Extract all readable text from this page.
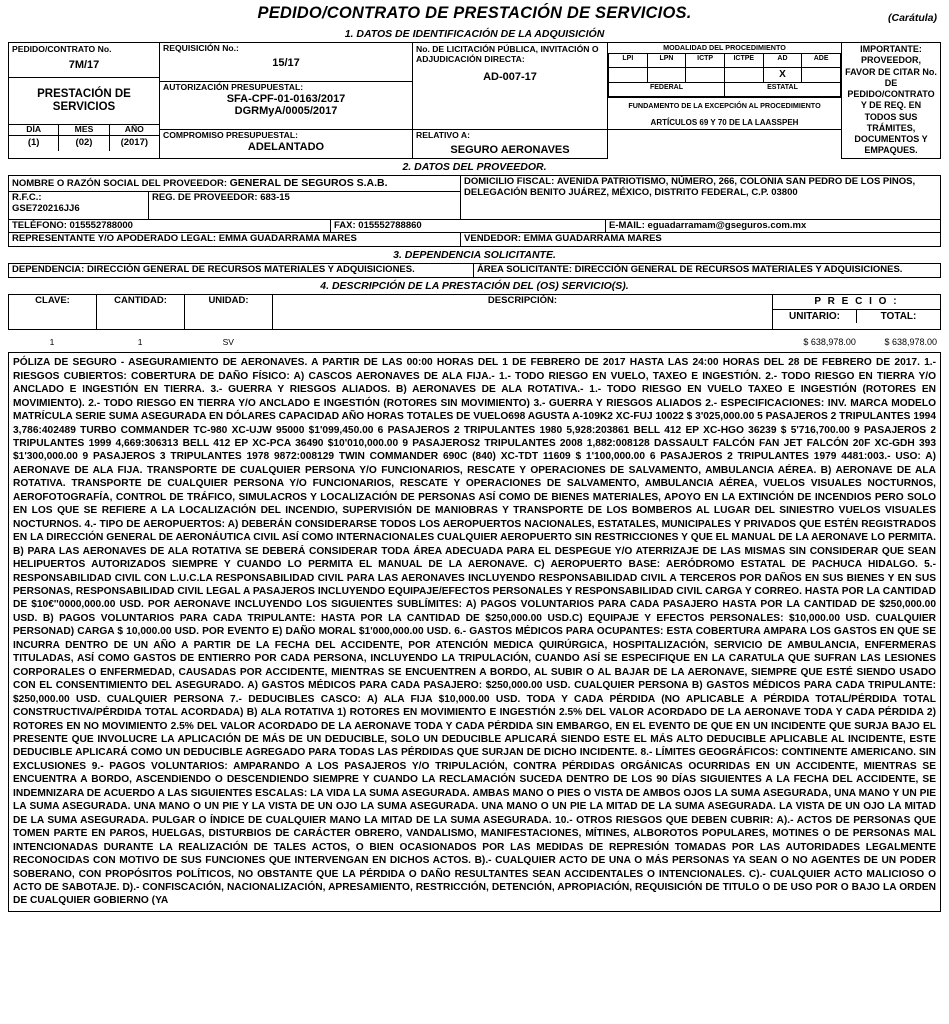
PEDIDO/CONTRATO DE PRESTACIÓN DE SERVICIOS.	(Carátula)
1. DATOS DE IDENTIFICACIÓN DE LA ADQUISICIÓN
PEDIDO/CONTRATO No.
7M/17
PRESTACIÓN DE SERVICIOS
DÍA	MES	AÑO
(1)	(02)	(2017)

REQUISICIÓN No.:
15/17

No. DE LICITACIÓN PÚBLICA, INVITACIÓN O ADJUDICACIÓN DIRECTA:
AD-007-17

MODALIDAD DEL PROCEDIMIENTO
LPI	LPN	ICTP	ICTPE	AD	ADE
				X	
FEDERAL	ESTATAL
FUNDAMENTO DE LA EXCEPCIÓN AL PROCEDIMIENTO
ARTÍCULOS 69 Y 70 DE LA LAASSPEH

IMPORTANTE: PROVEEDOR, FAVOR DE CITAR No. DE PEDIDO/CONTRATO Y DE REQ. EN TODOS SUS TRÁMITES, DOCUMENTOS Y EMPAQUES.

AUTORIZACIÓN PRESUPUESTAL:
SFA-CPF-01-0163/2017
DGRMyA/0005/2017

COMPROMISO PRESUPUESTAL:
ADELANTADO

RELATIVO A:
SEGURO AERONAVES
2. DATOS DEL PROVEEDOR.
NOMBRE O RAZÓN SOCIAL DEL PROVEEDOR: GENERAL DE SEGUROS S.A.B.			DOMICILIO FISCAL: AVENIDA PATRIOTISMO, NÚMERO, 266, COLONIA SAN PEDRO DE LOS PINOS, DELEGACIÓN BENITO JUÁREZ, MÉXICO, DISTRITO FEDERAL, C.P. 03800	

R.F.C.:
GSE720216JJ6	REG. DE PROVEEDOR: 683-15			
TELÉFONO: 015552788000		FAX: 015552788860		E-MAIL: eguadarramam@gseguros.com.mx
REPRESENTANTE Y/O APODERADO LEGAL: EMMA GUADARRAMA MARES			VENDEDOR: EMMA GUADARRAMA MARES	
3. DEPENDENCIA SOLICITANTE.
DEPENDENCIA: DIRECCIÓN GENERAL DE RECURSOS MATERIALES Y ADQUISICIONES.	ÁREA SOLICITANTE: DIRECCIÓN GENERAL DE RECURSOS MATERIALES Y ADQUISICIONES.
4. DESCRIPCIÓN DE LA PRESTACIÓN DEL (OS) SERVICIO(S).
CLAVE:	CANTIDAD:	UNIDAD:	DESCRIPCIÓN:	P R E C I O :
UNITARIO:	TOTAL:
1	1	SV		$ 638,978.00	$ 638,978.00
PÓLIZA DE SEGURO - ASEGURAMIENTO DE AERONAVES. A PARTIR DE LAS 00:00 HORAS DEL 1 DE FEBRERO DE 2017 HASTA LAS 24:00 HORAS DEL 28 DE FEBRERO DE 2017. 1.- RIESGOS CUBIERTOS: COBERTURA DE DAÑO FÍSICO: A) CASCOS AERONAVES DE ALA FIJA.- 1.- TODO RIESGO EN VUELO, TAXEO E INGESTIÓN. 2.- TODO RIESGO EN TIERRA Y/O ANCLADO E INGESTIÓN EN TIERRA. 3.- GUERRA Y RIESGOS ALIADOS. B) AERONAVES DE ALA ROTATIVA.- 1.- TODO RIESGO EN VUELO TAXEO E INGESTIÓN (ROTORES EN MOVIMIENTO). 2.- TODO RIESGO EN TIERRA Y/O ANCLADO E INGESTIÓN (ROTORES SIN MOVIMIENTO) 3.- GUERRA Y RIESGOS ALIADOS 2.- ESPECIFICACIONES: INV. MARCA MODELO MATRÍCULA SERIE SUMA ASEGURADA EN DÓLARES CAPACIDAD AÑO HORAS TOTALES DE VUELO698 AGUSTA A-109K2 XC-FUJ 10022 $ 3'025,000.00 5 PASAJEROS 2 TRIPULANTES 1994 3,786:402489 TURBO COMMANDER TC-980 XC-UJW 95000 $1'099,450.00 6 PASAJEROS 2 TRIPULANTES 1980 5,928:203861 BELL 412 EP XC-HGO 36239 $ 5'716,700.00 9 PASAJEROS 2 TRIPULANTES 1999 4,669:306313 BELL 412 EP XC-PCA 36490 $10'010,000.00 9 PASAJEROS2 TRIPULANTES 2008 1,882:008128 DASSAULT FALCÓN FAN JET FALCÓN 20F XC-GDH 393 $1'300,000.00 9 PASAJEROS 3 TRIPULANTES 1978 9872:008129 TWIN COMMANDER 690C (840) XC-TDT 11609 $ 1'100,000.00 6 PASAJEROS 2 TRIPULANTES 1979 4481:003.- USO: A) AERONAVE DE ALA FIJA. TRANSPORTE DE CUALQUIER PERSONA Y/O FUNCIONARIOS, RESCATE Y OPERACIONES DE SALVAMENTO, AMBULANCIA AÉREA. B) AERONAVE DE ALA ROTATIVA. TRANSPORTE DE CUALQUIER PERSONA Y/O FUNCIONARIOS, RESCATE Y OPERACIONES DE SALVAMENTO, AMBULANCIA AÉREA, VUELOS VISUALES NOCTURNOS, AEROFOTOGRAFÍA, CONTROL DE TRÁFICO, SIMULACROS Y LOCALIZACIÓN DE PERSONAS ASÍ COMO DE BIENES MATERIALES, APOYO EN LA EXTINCIÓN DE INCENDIOS PERO SOLO EN LOS QUE SE REFIERE A LA LOCALIZACIÓN DEL INCENDIO, SUPERVISIÓN DE MANIOBRAS Y TRANSPORTE DE LOS BOMBEROS AL LUGAR DEL SINIESTRO VUELOS VISUALES NOCTURNOS. 4.- TIPO DE AEROPUERTOS: A) DEBERÁN CONSIDERARSE TODOS LOS AEROPUERTOS NACIONALES, ESTATALES, MUNICIPALES Y PRIVADOS QUE ESTÉN REGISTRADOS EN LA DIRECCIÓN GENERAL DE AERONÁUTICA CIVIL ASÍ COMO INTERNACIONALES CUALQUIER AEROPUERTO SIN RESTRICCIONES Y QUE EL MANUAL DE LA AERONAVE LO PERMITA. B) PARA LAS AERONAVES DE ALA ROTATIVA SE DEBERÁ CONSIDERAR TODA ÁREA ADECUADA PARA EL DESPEGUE Y/O ATERRIZAJE DE LAS MISMAS SIN CONSIDERAR QUE SEAN HELIPUERTOS AUTORIZADOS SIEMPRE Y CUANDO LO PERMITA EL MANUAL DE LA AERONAVE. C) AEROPUERTO BASE: AERÓDROMO ESTATAL DE PACHUCA HIDALGO. 5.- RESPONSABILIDAD CIVIL CON L.U.C.LA RESPONSABILIDAD CIVIL PARA LAS AERONAVES INCLUYENDO RESPONSABILIDAD CIVIL A TERCEROS POR DAÑOS EN SUS BIENES Y EN SUS PERSONAS, RESPONSABILIDAD CIVIL LEGAL A PASAJEROS INCLUYENDO EQUIPAJE/EFECTOS PERSONALES Y RESPONSABILIDAD CIVIL CARGA Y CORREO. HASTA POR LA CANTIDAD DE $10€''0000,000.00 USD. POR AERONAVE INCLUYENDO LOS SIGUIENTES SUBLÍMITES: A) PAGOS VOLUNTARIOS PARA CADA PASAJERO HASTA POR LA CANTIDAD DE $250,000.00 USD. B) PAGOS VOLUNTARIOS PARA CADA TRIPULANTE: HASTA POR LA CANTIDAD DE $250,000.00 USD.C) EQUIPAJE Y EFECTOS PERSONALES: $10,000.00 USD. CUALQUIER PERSONAD) CARGA $ 10,000.00 USD. POR EVENTO E) DAÑO MORAL $1'000,000.00 USD. 6.- GASTOS MÉDICOS PARA OCUPANTES: ESTA COBERTURA AMPARA LOS GASTOS EN QUE SE INCURRA DENTRO DE UN AÑO A PARTIR DE LA FECHA DEL ACCIDENTE, POR ATENCIÓN MEDICA QUIRÚRGICA, HOSPITALIZACIÓN, SERVICIO DE AMBULANCIA, ENFERMERAS TITULADAS, ASÍ COMO GASTOS DE ENTIERRO POR CADA PERSONA, INCLUYENDO LA TRIPULACIÓN, CUANDO ASÍ SE ESPECIFIQUE EN LA CARATULA QUE SUFRAN LAS LESIONES CORPORALES O ENFERMEDAD, CAUSADAS POR ACCIDENTE, MIENTRAS SE ENCUENTREN A BORDO, AL SUBIR O AL BAJAR DE LA AERONAVE, SIEMPRE QUE ESTÉ SIENDO USADO CON EL CONSENTIMIENTO DEL ASEGURADO. A) GASTOS MÉDICOS PARA CADA PASAJERO: $250,000.00 USD. CUALQUIER PERSONA B) GASTOS MÉDICOS PARA CADA TRIPULANTE: $250,000.00 USD. CUALQUIER PERSONA 7.- DEDUCIBLES CASCO: A) ALA FIJA $10,000.00 USD. TODA Y CADA PÉRDIDA (NO APLICABLE A PÉRDIDA TOTAL/PÉRDIDA TOTAL CONSTRUCTIVA/PÉRDIDA TOTAL ACORDADA) B) ALA ROTATIVA 1) ROTORES EN MOVIMIENTO E INGESTIÓN 2.5% DEL VALOR ACORDADO DE LA AERONAVE TODA Y CADA PÉRDIDA 2) ROTORES EN NO MOVIMIENTO 2.5% DEL VALOR ACORDADO DE LA AERONAVE TODA Y CADA PÉRDIDA SIN EMBARGO, EN EL EVENTO DE QUE EN UN INCIDENTE QUE SURJA BAJO EL PRESENTE QUE INVOLUCRE LA APLICACIÓN DE MÁS DE UN DEDUCIBLE, SOLO UN DEDUCIBLE APLICARÁ SIENDO ESTE EL MÁS ALTO DEDUCIBLE APLICABLE AL INCIDENTE, ESTE DEDUCIBLE APLICARÁ COMO UN DEDUCIBLE AGREGADO PARA TODAS LAS PÉRDIDAS QUE SURJAN DE DICHO INCIDENTE. 8.- LÍMITES GEOGRÁFICOS: CONTINENTE AMERICANO. SIN EXCLUSIONES 9.- PAGOS VOLUNTARIOS: AMPARANDO A LOS PASAJEROS Y/O TRIPULACIÓN, CONTRA PÉRDIDAS ORGÁNICAS OCURRIDAS EN UN ACCIDENTE, MIENTRAS SE ENCUENTRA A BORDO, ASCENDIENDO O DESCENDIENDO SIEMPRE Y CUANDO LA RECLAMACIÓN SUCEDA DENTRO DE LOS 90 DÍAS SIGUIENTES A LA FECHA DEL ACCIDENTE, SE INDEMNIZARA DE ACUERDO A LAS SIGUIENTES ESCALAS: LA VIDA LA SUMA ASEGURADA. AMBAS MANO O PIES O VISTA DE AMBOS OJOS LA SUMA ASEGURADA, UNA MANO Y UN PIE LA SUMA ASEGURADA. UNA MANO O UN PIE Y LA VISTA DE UN OJO LA SUMA ASEGURADA. UNA MANO O UN PIE LA MITAD DE LA SUMA ASEGURADA. LA VISTA DE UN OJO LA MITAD DE LA SUMA ASEGURADA. PULGAR O ÍNDICE DE CUALQUIER MANO LA MITAD DE LA SUMA ASEGURADA. 10.- OTROS RIESGOS QUE DEBEN CUBRIR: A).- ACTOS DE PERSONAS QUE TOMEN PARTE EN PAROS, HUELGAS, DISTURBIOS DE CARÁCTER OBRERO, VANDALISMO, MANIFESTACIONES, MÍTINES, ALBOROTOS POPULARES, MOTINES O DE PERSONAS MAL INTENCIONADAS DURANTE LA REALIZACIÓN DE TALES ACTOS, O BIEN OCASIONADOS POR LAS MEDIDAS DE REPRESIÓN TOMADAS POR LAS AUTORIDADES LEGALMENTE RECONOCIDAS CON MOTIVO DE SUS FUNCIONES QUE INTERVENGAN EN DICHOS ACTOS. B).- CUALQUIER ACTO DE UNA O MÁS PERSONAS YA SEAN O NO AGENTES DE UN PODER SOBERANO, CON PROPÓSITOS POLÍTICOS, NO OBSTANTE QUE LA PÉRDIDA O DAÑO RESULTANTES SEAN ACCIDENTALES O INTENCIONALES. C).- CUALQUIER ACTO MALICIOSO O ACTO DE SABOTAJE. D).- CONFISCACIÓN, NACIONALIZACIÓN, APRESAMIENTO, RESTRICCIÓN, DETENCIÓN, APROPIACIÓN, REQUISICIÓN DE TITULO O DE USO POR O BAJO LA ORDEN DE CUALQUIER GOBIERNO (YA
